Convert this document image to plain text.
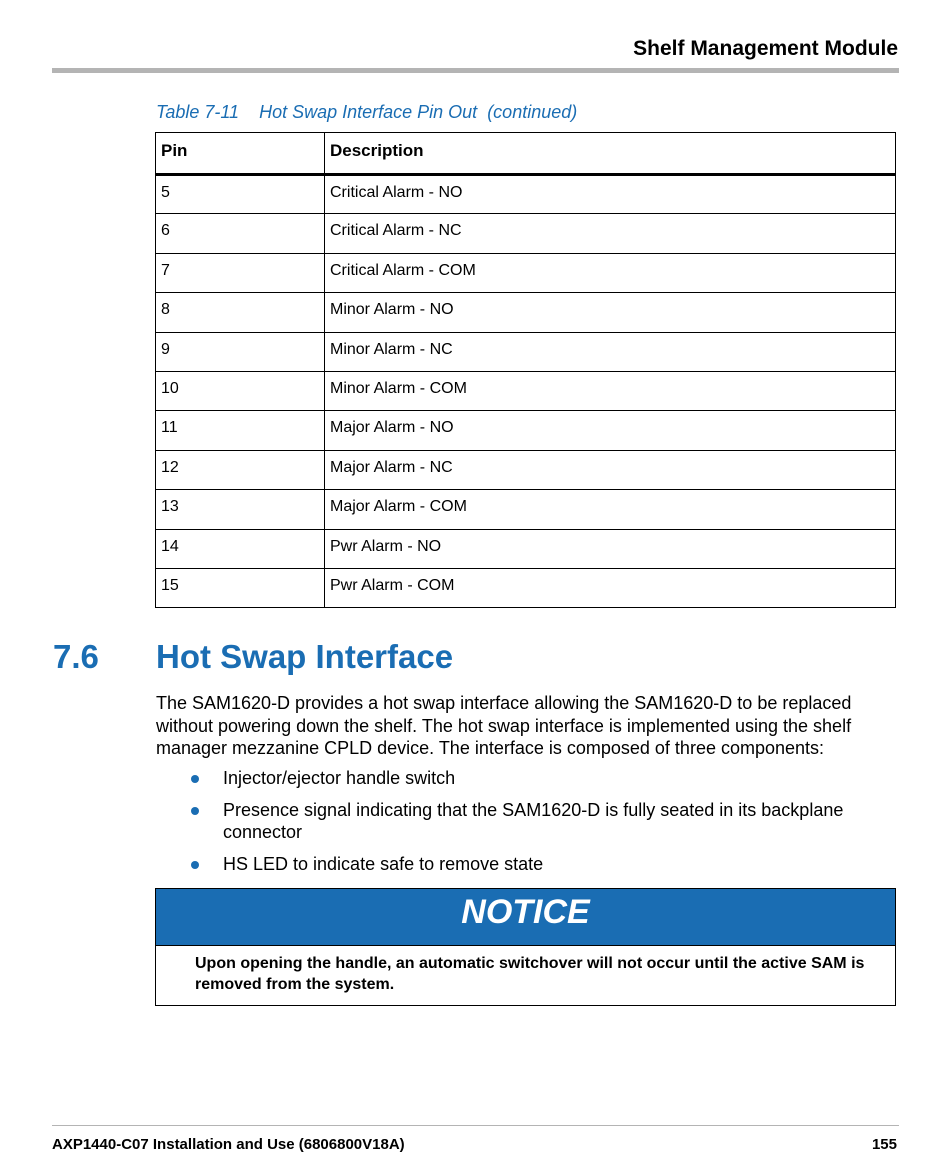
Shelf Management Module
Table 7-11 Hot Swap Interface Pin Out  (continued)
Pin	Description
5	Critical Alarm - NO
6	Critical Alarm - NC
7	Critical Alarm - COM
8	Minor Alarm - NO
9	Minor Alarm - NC
10	Minor Alarm - COM
11	Major Alarm - NO
12	Major Alarm - NC
13	Major Alarm - COM
14	Pwr Alarm - NO
15	Pwr Alarm - COM
7.6 Hot Swap Interface
The SAM1620-D provides a hot swap interface allowing the SAM1620-D to be replaced without powering down the shelf. The hot swap interface is implemented using the shelf manager mezzanine CPLD device. The interface is composed of three components:
Injector/ejector handle switch
Presence signal indicating that the SAM1620-D is fully seated in its backplane connector
HS LED to indicate safe to remove state
NOTICE
Upon opening the handle, an automatic switchover will not occur until the active SAM is removed from the system.
AXP1440-C07 Installation and Use (6806800V18A)	155
